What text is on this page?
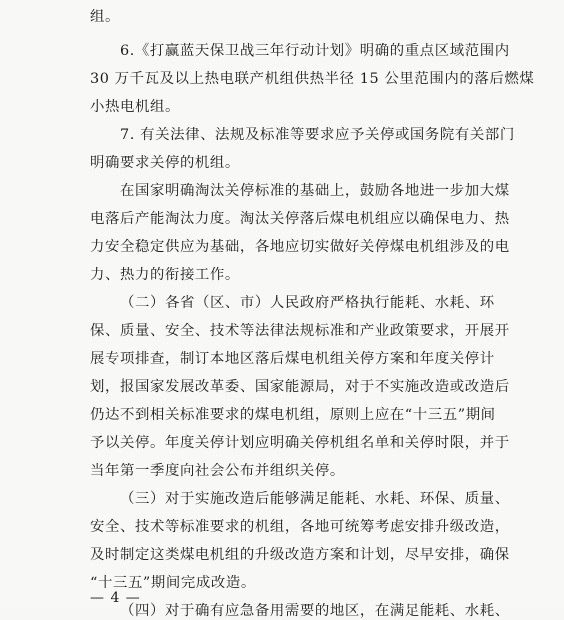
组。
6.《打赢蓝天保卫战三年行动计划》明确的重点区域范围内
30 万千瓦及以上热电联产机组供热半径 15 公里范围内的落后燃煤
小热电机组。
7. 有关法律、法规及标准等要求应予关停或国务院有关部门
明确要求关停的机组。
在国家明确淘汰关停标准的基础上，鼓励各地进一步加大煤
电落后产能淘汰力度。淘汰关停落后煤电机组应以确保电力、热
力安全稳定供应为基础，各地应切实做好关停煤电机组涉及的电
力、热力的衔接工作。
（二）各省（区、市）人民政府严格执行能耗、水耗、环
保、质量、安全、技术等法律法规标准和产业政策要求，开展开
展专项排查，制订本地区落后煤电机组关停方案和年度关停计
划，报国家发展改革委、国家能源局，对于不实施改造或改造后
仍达不到相关标准要求的煤电机组，原则上应在“十三五”期间
予以关停。年度关停计划应明确关停机组名单和关停时限，并于
当年第一季度向社会公布并组织关停。
（三）对于实施改造后能够满足能耗、水耗、环保、质量、
安全、技术等标准要求的机组，各地可统筹考虑安排升级改造，
及时制定这类煤电机组的升级改造方案和计划，尽早安排，确保
“十三五”期间完成改造。
（四）对于确有应急备用需要的地区，在满足能耗、水耗、
— 4 —
